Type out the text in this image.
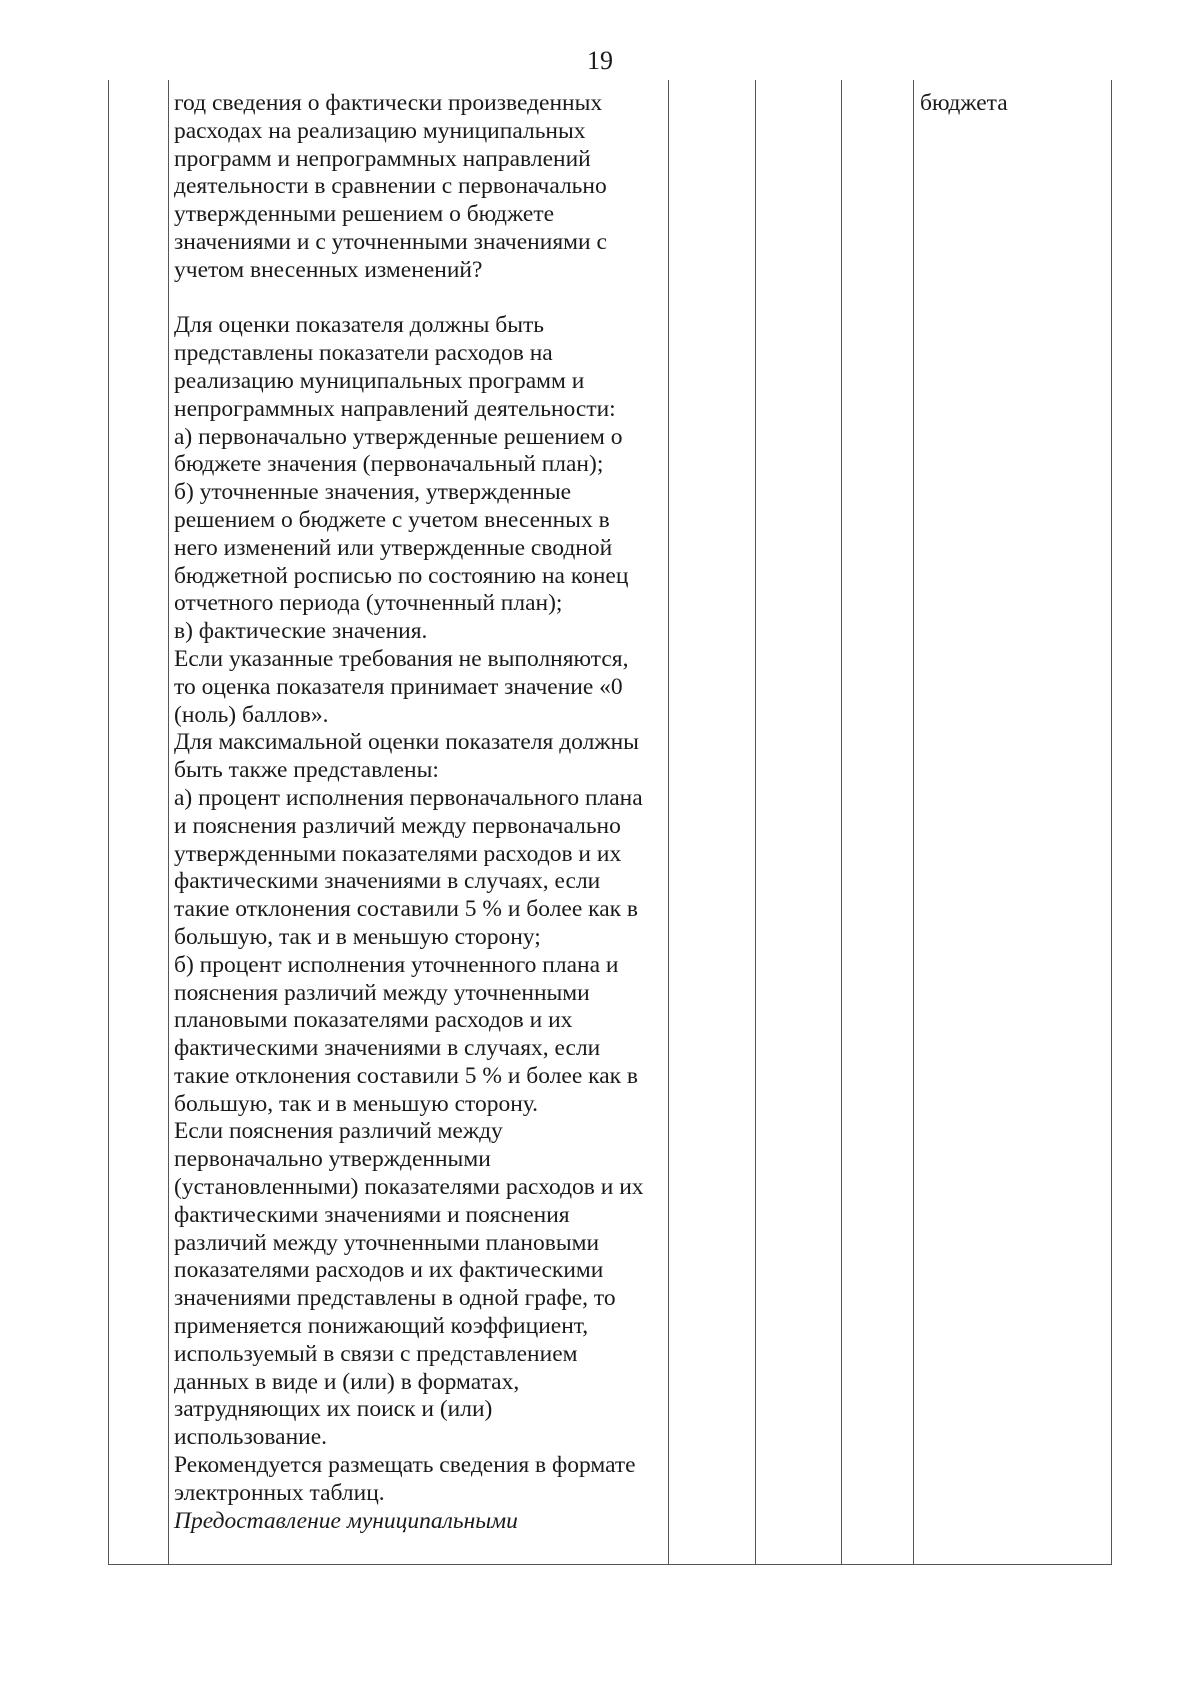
19
год сведения о фактически произведенных
расходах на реализацию муниципальных
программ и непрограммных направлений
деятельности в сравнении с первоначально
утвержденными решением о бюджете
значениями и с уточненными значениями с
учетом внесенных изменений?
Для оценки показателя должны быть
представлены показатели расходов на
реализацию муниципальных программ и
непрограммных направлений деятельности:
а) первоначально утвержденные решением о
бюджете значения (первоначальный план);
б) уточненные значения, утвержденные
решением о бюджете с учетом внесенных в
него изменений или утвержденные сводной
бюджетной росписью по состоянию на конец
отчетного периода (уточненный план);
в) фактические значения.
Если указанные требования не выполняются,
то оценка показателя принимает значение «0
(ноль) баллов».
Для максимальной оценки показателя должны
быть также представлены:
а) процент исполнения первоначального плана
и пояснения различий между первоначально
утвержденными показателями расходов и их
фактическими значениями в случаях, если
такие отклонения составили 5 % и более как в
большую, так и в меньшую сторону;
б) процент исполнения уточненного плана и
пояснения различий между уточненными
плановыми показателями расходов и их
фактическими значениями в случаях, если
такие отклонения составили 5 % и более как в
большую, так и в меньшую сторону.
Если пояснения различий между
первоначально утвержденными
(установленными) показателями расходов и их
фактическими значениями и пояснения
различий между уточненными плановыми
показателями расходов и их фактическими
значениями представлены в одной графе, то
применяется понижающий коэффициент,
используемый в связи с представлением
данных в виде и (или) в форматах,
затрудняющих их поиск и (или)
использование.
Рекомендуется размещать сведения в формате
электронных таблиц.
Предоставление муниципальными
бюджета
